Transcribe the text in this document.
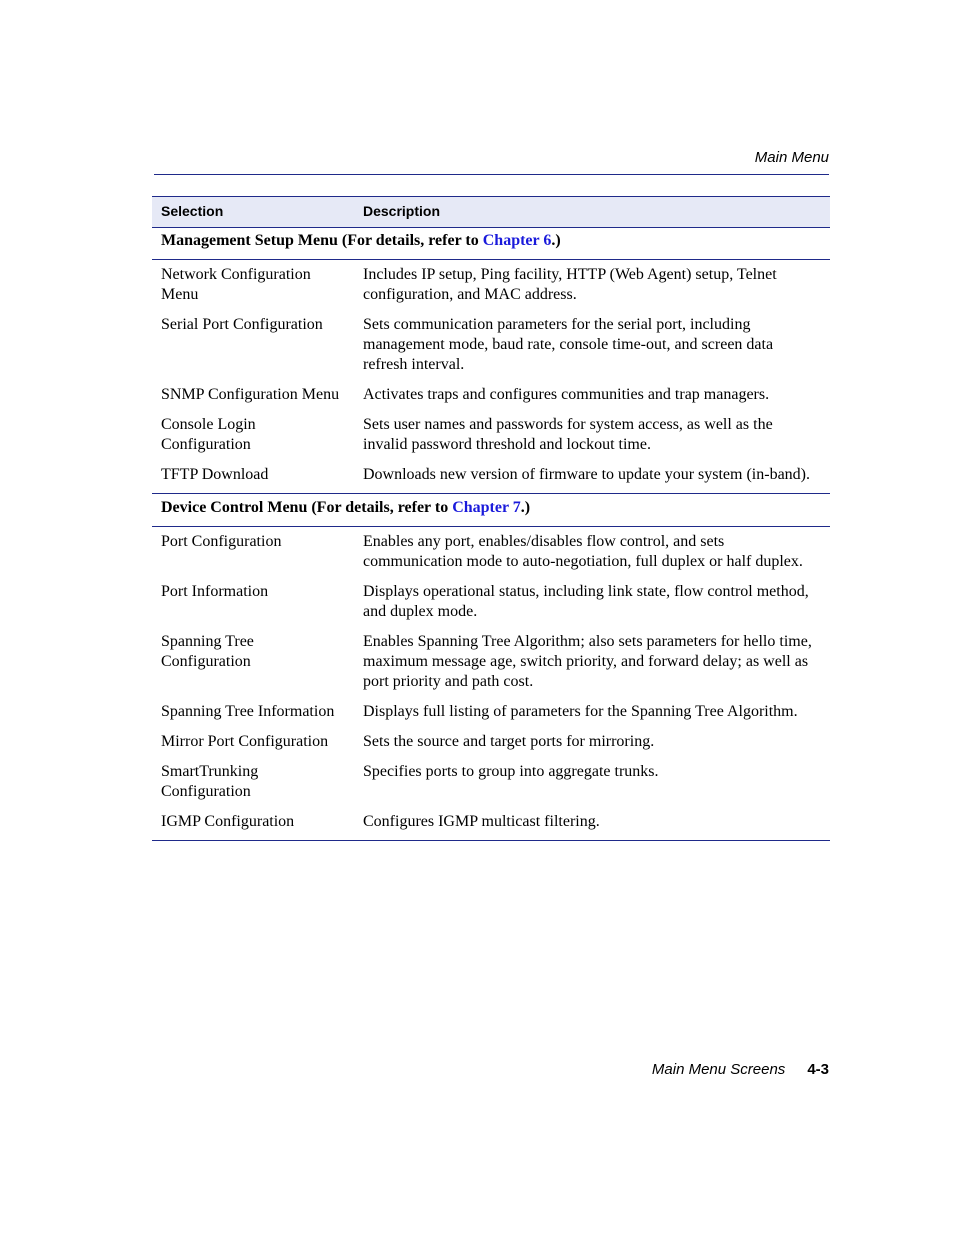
Main Menu
Selection	Description
Management Setup Menu (For details, refer to Chapter 6.)	
Network Configuration Menu	Includes IP setup, Ping facility, HTTP (Web Agent) setup, Telnet configuration, and MAC address.
Serial Port Configuration	Sets communication parameters for the serial port, including management mode, baud rate, console time-out, and screen data refresh interval.
SNMP Configuration Menu	Activates traps and configures communities and trap managers.
Console Login Configuration	Sets user names and passwords for system access, as well as the invalid password threshold and lockout time.
TFTP Download	Downloads new version of firmware to update your system (in-band).
Device Control Menu (For details, refer to Chapter 7.)	
Port Configuration	Enables any port, enables/disables flow control, and sets communication mode to auto-negotiation, full duplex or half duplex.
Port Information	Displays operational status, including link state, flow control method, and duplex mode.
Spanning Tree Configuration	Enables Spanning Tree Algorithm; also sets parameters for hello time, maximum message age, switch priority, and forward delay; as well as port priority and path cost.
Spanning Tree Information	Displays full listing of parameters for the Spanning Tree Algorithm.
Mirror Port Configuration	Sets the source and target ports for mirroring.
SmartTrunking Configuration	Specifies ports to group into aggregate trunks.
IGMP Configuration	Configures IGMP multicast filtering.
Main Menu Screens 4-3
